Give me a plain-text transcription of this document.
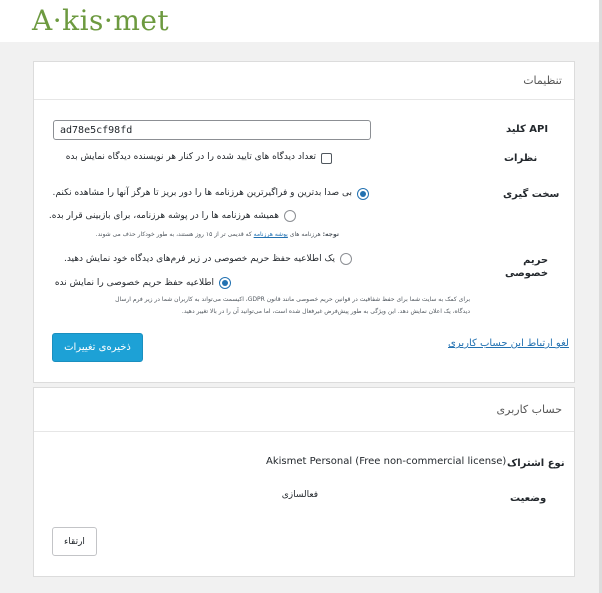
A·kis·met
تنظیمات
کلید API
ad78e5cf98fd
نظرات
تعداد دیدگاه های تایید شده را در کنار هر نویسنده دیدگاه نمایش بده
سخت گیری
بی صدا بدترین و فراگیرترین هرزنامه ها را دور بریز تا هرگز آنها را مشاهده نکنم.
همیشه هرزنامه ها را در پوشه هرزنامه، برای بازبینی قرار بده.
توجه: هرزنامه های پوشه هرزنامه که قدیمی تر از ۱۵ روز هستند، به طور خودکار حذف می شوند.
حریم
خصوصی
یک اطلاعیه حفظ حریم خصوصی در زیر فرم‌های دیدگاه خود نمایش دهید.
اطلاعیه حفظ حریم خصوصی را نمایش نده
برای کمک به سایت شما برای حفظ شفافیت در قوانین حریم خصوصی مانند قانون GDPR، اکیسمت می‌تواند به کاربران شما در زیر فرم ارسال
دیدگاه، یک اعلان نمایش دهد. این ویژگی به طور پیش‌فرض غیرفعال شده است، اما می‌توانید آن را در بالا تغییر دهید.
ذخیره‌ی تغییرات	لغو ارتباط این حساب کاربری
حساب کاربری
نوع اشتراک
Akismet Personal (Free non-commercial license)
وضعیت
فعالسازی
ارتقاء
